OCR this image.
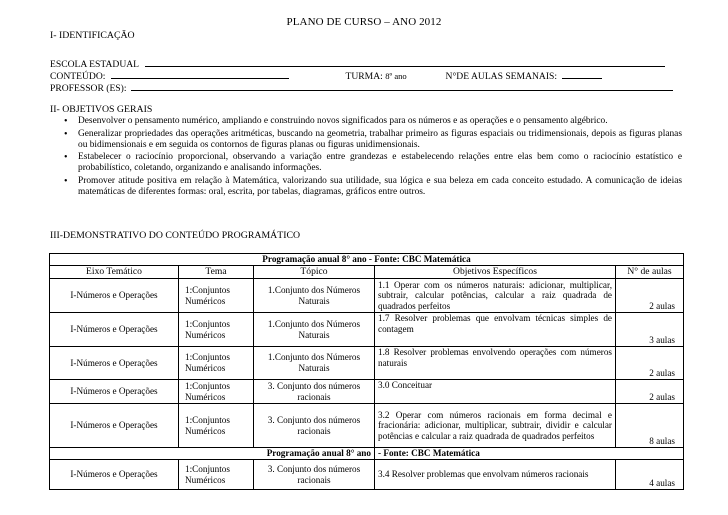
PLANO DE CURSO – ANO 2012
I- IDENTIFICAÇÃO
ESCOLA ESTADUAL
CONTEÚDO:	TURMA: 8º ano	N°DE AULAS SEMANAIS:
PROFESSOR (ES):
II- OBJETIVOS GERAIS
• Desenvolver o pensamento numérico, ampliando e construindo novos significados para os números e as operações e o pensamento algébrico.
• Generalizar propriedades das operações aritméticas, buscando na geometria, trabalhar primeiro as figuras espaciais ou tridimensionais, depois as figuras planas ou bidimensionais e em seguida os contornos de figuras planas ou figuras unidimensionais.
• Estabelecer o raciocínio proporcional, observando a variação entre grandezas e estabelecendo relações entre elas bem como o raciocínio estatístico e probabilístico, coletando, organizando e analisando informações.
• Promover atitude positiva em relação à Matemática, valorizando sua utilidade, sua lógica e sua beleza em cada conceito estudado. A comunicação de ideias matemáticas de diferentes formas: oral, escrita, por tabelas, diagramas, gráficos entre outros.
III-DEMONSTRATIVO DO CONTEÚDO PROGRAMÁTICO
Programação anual 8° ano - Fonte: CBC Matemática				
Eixo Temático	Tema	Tópico	Objetivos Específicos	N° de aulas
I-Números e Operações	1:Conjuntos Numéricos	1.Conjunto dos Números Naturais	1.1 Operar com os números naturais: adicionar, multiplicar, subtrair, calcular potências, calcular a raiz quadrada de quadrados perfeitos	2 aulas
I-Números e Operações	1:Conjuntos Numéricos	1.Conjunto dos Números Naturais	1.7 Resolver problemas que envolvam técnicas simples de contagem	3 aulas
I-Números e Operações	1:Conjuntos Numéricos	1.Conjunto dos Números Naturais	1.8 Resolver problemas envolvendo operações com números naturais	2 aulas
I-Números e Operações	1:Conjuntos Numéricos	3. Conjunto dos números racionais	3.0 Conceituar	2 aulas
I-Números e Operações	1:Conjuntos Numéricos	3. Conjunto dos números racionais	3.2 Operar com números racionais em forma decimal e fracionária: adicionar, multiplicar, subtrair, dividir e calcular potências e calcular a raiz quadrada de quadrados perfeitos	8 aulas
Programação anual 8° ano			- Fonte: CBC Matemática	
I-Números e Operações	1:Conjuntos Numéricos	3. Conjunto dos números racionais	3.4 Resolver problemas que envolvam números racionais	4 aulas
